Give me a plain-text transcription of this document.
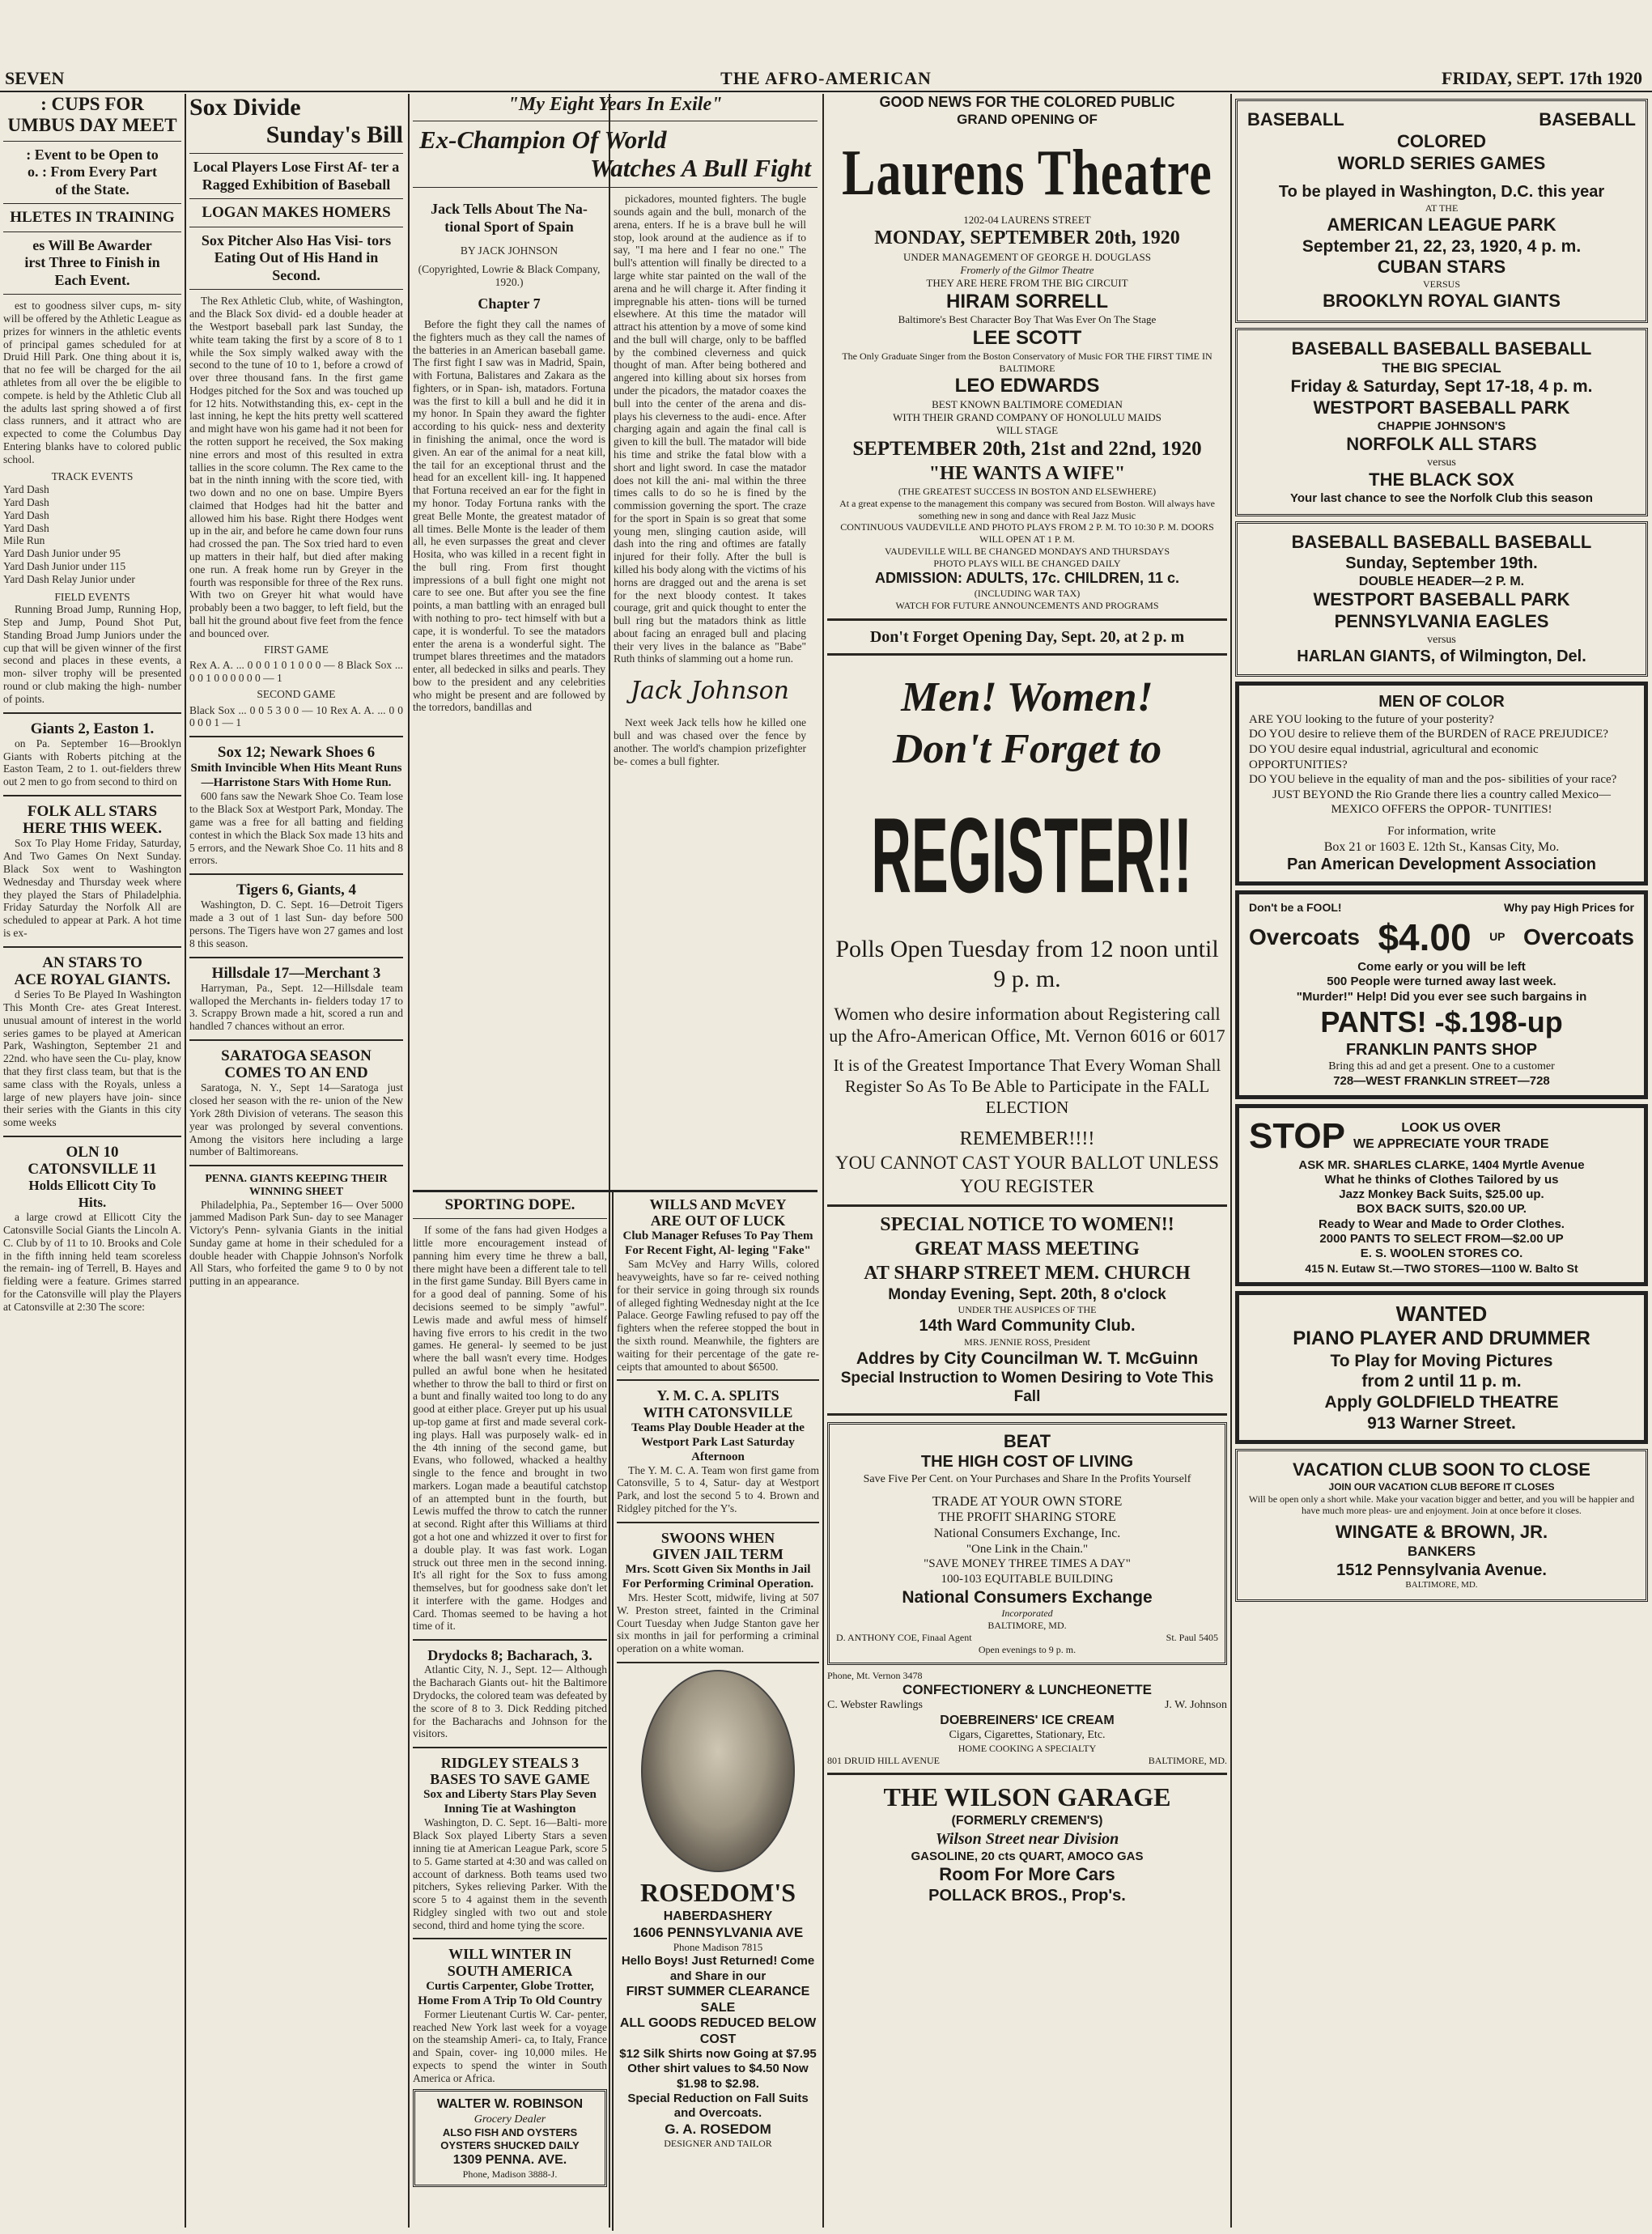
SEVEN	THE AFRO-AMERICAN	FRIDAY, SEPT. 17th 1920
: CUPS FOR
UMBUS DAY MEET
: Event to be Open to
o. : From Every Part
of the State.
HLETES IN TRAINING
es Will Be Awarder
irst Three to Finish in
Each Event.

est to goodness silver cups, m- sity will be offered by the Athletic League as prizes for winners in the athletic events of principal games scheduled for at Druid Hill Park. One thing about it is, that no fee will be charged for the ail athletes from all over the be eligible to compete. is held by the Athletic Club all the adults last spring showed a of first class runners, and it attract who are expected to come the Columbus Day Entering blanks have to colored public school.

TRACK EVENTS
Yard Dash
Yard Dash
Yard Dash
Yard Dash
Mile Run
Yard Dash Junior under 95
Yard Dash Junior under 115
Yard Dash Relay Junior under
FIELD EVENTS

Running Broad Jump, Running Hop, Step and Jump, Pound Shot Put, Standing Broad Jump Juniors under the cup that will be given winner of the first second and places in these events, a mon- silver trophy will be presented round or club making the high- number of points.

Giants 2, Easton 1.

on Pa. September 16—Brooklyn Giants with Roberts pitching at the Easton Team, 2 to 1. out-fielders threw out 2 men to go from second to third on

FOLK ALL STARS
HERE THIS WEEK.

Sox To Play Home Friday, Saturday, And Two Games On Next Sunday. Black Sox went to Washington Wednesday and Thursday week where they played the Stars of Philadelphia. Friday Saturday the Norfolk All are scheduled to appear at Park. A hot time is ex-

AN STARS TO
ACE ROYAL GIANTS.

d Series To Be Played In Washington This Month Cre- ates Great Interest. unusual amount of interest in the world series games to be played at American Park, Washington, September 21 and 22nd. who have seen the Cu- play, know that they first class team, but that is the same class with the Royals, unless a large of new players have join- since their series with the Giants in this city some weeks

OLN 10
CATONSVILLE 11
Holds Ellicott City To
Hits.

a large crowd at Ellicott City the Catonsville Social Giants the Lincoln A. C. Club by of 11 to 10. Brooks and Cole in the fifth inning held team scoreless the remain- ing of Terrell, B. Hayes and fielding were a feature. Grimes starred for the Catonsville will play the Players at Catonsville at 2:30 The score:

Sox Divide
Sunday's Bill
Local Players Lose First Af- ter a Ragged Exhibition of Baseball
LOGAN MAKES HOMERS
Sox Pitcher Also Has Visi- tors Eating Out of His Hand in Second.

The Rex Athletic Club, white, of Washington, and the Black Sox divid- ed a double header at the Westport baseball park last Sunday, the white team taking the first by a score of 8 to 1 while the Sox simply walked away with the second to the tune of 10 to 1, before a crowd of over three thousand fans. In the first game Hodges pitched for the Sox and was touched up for 12 hits. Notwithstanding this, ex- cept in the last inning, he kept the hits pretty well scattered and might have won his game had it not been for the rotten support he received, the Sox making nine errors and most of this resulted in extra tallies in the score column. The Rex came to the bat in the ninth inning with the score tied, with two down and no one on base. Umpire Byers claimed that Hodges had hit the batter and allowed him his base. Right there Hodges went up in the air, and before he came down four runs had crossed the pan. The Sox tried hard to even up matters in their half, but died after making one run. A freak home run by Greyer in the fourth was responsible for three of the Rex runs. With two on Greyer hit what would have probably been a two bagger, to left field, but the ball hit the ground about five feet from the fence and bounced over.

FIRST GAME
Rex A. A. ... 0 0 0 1 0 1 0 0 0 — 8 Black Sox ... 0 0 1 0 0 0 0 0 0 — 1
SECOND GAME
Black Sox ... 0 0 5 3 0 0 — 10 Rex A. A. ... 0 0 0 0 0 1 — 1
Sox 12; Newark Shoes 6
Smith Invincible When Hits Meant Runs—Harristone Stars With Home Run.

600 fans saw the Newark Shoe Co. Team lose to the Black Sox at Westport Park, Monday. The game was a free for all batting and fielding contest in which the Black Sox made 13 hits and 5 errors, and the Newark Shoe Co. 11 hits and 8 errors.

Tigers 6, Giants, 4

Washington, D. C. Sept. 16—Detroit Tigers made a 3 out of 1 last Sun- day before 500 persons. The Tigers have won 27 games and lost 8 this season.

Hillsdale 17—Merchant 3

Harryman, Pa., Sept. 12—Hillsdale team walloped the Merchants in- fielders today 17 to 3. Scrappy Brown made a hit, scored a run and handled 7 chances without an error.

SARATOGA SEASON
COMES TO AN END

Saratoga, N. Y., Sept 14—Saratoga just closed her season with the re- union of the New York 28th Division of veterans. The season this year was prolonged by several conventions. Among the visitors here including a large number of Baltimoreans.

PENNA. GIANTS KEEPING THEIR WINNING SHEET

Philadelphia, Pa., September 16— Over 5000 jammed Madison Park Sun- day to see Manager Victory's Penn- sylvania Giants in the initial Sunday game at home in their scheduled for a double header with Chappie Johnson's Norfolk All Stars, who forfeited the game 9 to 0 by not putting in an appearance.

"My Eight Years In Exile"
Ex-Champion Of World
Watches A Bull Fight
Jack Tells About The Na- tional Sport of Spain
BY JACK JOHNSON
(Copyrighted, Lowrie & Black Company, 1920.)
Chapter 7

Before the fight they call the names of the fighters much as they call the names of the batteries in an American baseball game. The first fight I saw was in Madrid, Spain, with Fortuna, Balistares and Zakara as the fighters, or in Span- ish, matadors. Fortuna was the first to kill a bull and he did it in my honor. In Spain they award the fighter according to his quick- ness and dexterity in finishing the animal, once the word is given. An ear of the animal for a neat kill, the tail for an exceptional thrust and the head for an excellent kill- ing. It happened that Fortuna received an ear for the fight in my honor. Today Fortuna ranks with the great Belle Monte, the greatest matador of all times. Belle Monte is the leader of them all, he even surpasses the great and clever Hosita, who was killed in a recent fight in the bull ring. From first thought impressions of a bull fight one might not care to see one. But after you see the fine points, a man battling with an enraged bull with nothing to pro- tect himself with but a cape, it is wonderful. To see the matadors enter the arena is a wonderful sight. The trumpet blares threetimes and the matadors enter, all bedecked in silks and pearls. They bow to the president and any celebrities who might be present and are followed by the torredors, bandillas and

pickadores, mounted fighters. The bugle sounds again and the bull, monarch of the arena, enters. If he is a brave bull he will stop, look around at the audience as if to say, "I ma here and I fear no one." The bull's attention will finally be directed to a large white star painted on the wall of the arena and he will charge it. After finding it impregnable his atten- tions will be turned elsewhere. At this time the matador will attract his attention by a move of some kind and the bull will charge, only to be baffled by the combined cleverness and quick thought of man. After being bothered and angered into killing about six horses from under the picadors, the matador coaxes the bull into the center of the arena and dis- plays his cleverness to the audi- ence. After charging again and again the final call is given to kill the bull. The matador will bide his time and strike the fatal blow with a short and light sword. In case the matador does not kill the ani- mal within the three times calls to do so he is fined by the commission governing the sport. The craze for the sport in Spain is so great that some young men, slinging caution aside, will dash into the ring and oftimes are fatally injured for their folly. After the bull is killed his body along with the victims of his horns are dragged out and the arena is set for the next bloody contest. It takes courage, grit and quick thought to enter the bull ring but the matadors think as little about facing an enraged bull and placing their very lives in the balance as "Babe" Ruth thinks of slamming out a home run.

Jack Johnson

Next week Jack tells how he killed one bull and was chased over the fence by another. The world's champion prizefighter be- comes a bull fighter.

SPORTING DOPE.

If some of the fans had given Hodges a little more encouragement instead of panning him every time he threw a ball, there might have been a different tale to tell in the first game Sunday. Bill Byers came in for a good deal of panning. Some of his decisions seemed to be simply "awful". Lewis made and awful mess of himself having five errors to his credit in the two games. He general- ly seemed to be just where the ball wasn't every time. Hodges pulled an awful bone when he hesitated whether to throw the ball to third or first on a bunt and finally waited too long to do any good at either place. Greyer put up his usual up-top game at first and made several cork- ing plays. Hall was purposely walk- ed in the 4th inning of the second game, but Evans, who followed, whacked a healthy single to the fence and brought in two markers. Logan made a beautiful catchstop of an attempted bunt in the fourth, but Lewis muffed the throw to catch the runner at second. Right after this Williams at third got a hot one and whizzed it over to first for a double play. It was fast work. Logan struck out three men in the second inning. It's all right for the Sox to fuss among themselves, but for goodness sake don't let it interfere with the game. Hodges and Card. Thomas seemed to be having a hot time of it.

Drydocks 8; Bacharach, 3.

Atlantic City, N. J., Sept. 12— Although the Bacharach Giants out- hit the Baltimore Drydocks, the colored team was defeated by the score of 8 to 3. Dick Redding pitched for the Bacharachs and Johnson for the visitors.

RIDGLEY STEALS 3
BASES TO SAVE GAME
Sox and Liberty Stars Play Seven Inning Tie at Washington

Washington, D. C. Sept. 16—Balti- more Black Sox played Liberty Stars a seven inning tie at American League Park, score 5 to 5. Game started at 4:30 and was called on account of darkness. Both teams used two pitchers, Sykes relieving Parker. With the score 5 to 4 against them in the seventh Ridgley singled with two out and stole second, third and home tying the score.

WILL WINTER IN
SOUTH AMERICA
Curtis Carpenter, Globe Trotter, Home From A Trip To Old Country

Former Lieutenant Curtis W. Car- penter, reached New York last week for a voyage on the steamship Ameri- ca, to Italy, France and Spain, cover- ing 10,000 miles. He expects to spend the winter in South America or Africa.

WALTER W. ROBINSON
Grocery Dealer
ALSO FISH AND OYSTERS
OYSTERS SHUCKED DAILY
1309 PENNA. AVE.
Phone, Madison 3888-J.
WILLS AND McVEY
ARE OUT OF LUCK
Club Manager Refuses To Pay Them For Recent Fight, Al- leging "Fake"

Sam McVey and Harry Wills, colored heavyweights, have so far re- ceived nothing for their service in going through six rounds of alleged fighting Wednesday night at the Ice Palace. George Fawling refused to pay off the fighters when the referee stopped the bout in the sixth round. Meanwhile, the fighters are waiting for their percentage of the gate re- ceipts that amounted to about $6500.

Y. M. C. A. SPLITS
WITH CATONSVILLE
Teams Play Double Header at the Westport Park Last Saturday Afternoon

The Y. M. C. A. Team won first game from Catonsville, 5 to 4, Satur- day at Westport Park, and lost the second 5 to 4. Brown and Ridgley pitched for the Y's.

SWOONS WHEN
GIVEN JAIL TERM
Mrs. Scott Given Six Months in Jail For Performing Criminal Operation.

Mrs. Hester Scott, midwife, living at 507 W. Preston street, fainted in the Criminal Court Tuesday when Judge Stanton gave her six months in jail for performing a criminal operation on a white woman.

ROSEDOM'S
HABERDASHERY
1606 PENNSYLVANIA AVE
Phone Madison 7815
Hello Boys! Just Returned! Come and Share in our
FIRST SUMMER CLEARANCE SALE
ALL GOODS REDUCED BELOW COST
$12 Silk Shirts now Going at $7.95
Other shirt values to $4.50 Now $1.98 to $2.98.
Special Reduction on Fall Suits and Overcoats.
G. A. ROSEDOM
DESIGNER AND TAILOR
GOOD NEWS FOR THE COLORED PUBLIC
GRAND OPENING OF
Laurens Theatre
1202-04 LAURENS STREET
MONDAY, SEPTEMBER 20th, 1920
UNDER MANAGEMENT OF GEORGE H. DOUGLASS
Fromerly of the Gilmor Theatre
THEY ARE HERE FROM THE BIG CIRCUIT
HIRAM SORRELL
Baltimore's Best Character Boy That Was Ever On The Stage
LEE SCOTT
The Only Graduate Singer from the Boston Conservatory of Music FOR THE FIRST TIME IN BALTIMORE
LEO EDWARDS
BEST KNOWN BALTIMORE COMEDIAN
WITH THEIR GRAND COMPANY OF HONOLULU MAIDS
WILL STAGE
SEPTEMBER 20th, 21st and 22nd, 1920
"HE WANTS A WIFE"
(THE GREATEST SUCCESS IN BOSTON AND ELSEWHERE)
At a great expense to the management this company was secured from Boston. Will always have something new in song and dance with Real Jazz Music
CONTINUOUS VAUDEVILLE AND PHOTO PLAYS FROM 2 P. M. TO 10:30 P. M. DOORS WILL OPEN AT 1 P. M.
VAUDEVILLE WILL BE CHANGED MONDAYS AND THURSDAYS
PHOTO PLAYS WILL BE CHANGED DAILY
ADMISSION: ADULTS, 17c. CHILDREN, 11 c.
(INCLUDING WAR TAX)
WATCH FOR FUTURE ANNOUNCEMENTS AND PROGRAMS
Don't Forget Opening Day, Sept. 20, at 2 p. m
Men! Women!
Don't Forget to
REGISTER!!
Polls Open Tuesday from 12 noon until 9 p. m.
Women who desire information about Registering call up the Afro-American Office, Mt. Vernon 6016 or 6017
It is of the Greatest Importance That Every Woman Shall Register So As To Be Able to Participate in the FALL ELECTION
REMEMBER!!!!
YOU CANNOT CAST YOUR BALLOT UNLESS YOU REGISTER
SPECIAL NOTICE TO WOMEN!!
GREAT MASS MEETING
AT SHARP STREET MEM. CHURCH
Monday Evening, Sept. 20th, 8 o'clock
UNDER THE AUSPICES OF THE
14th Ward Community Club.
MRS. JENNIE ROSS, President
Addres by City Councilman W. T. McGuinn
Special Instruction to Women Desiring to Vote This Fall
BEAT
THE HIGH COST OF LIVING
Save Five Per Cent. on Your Purchases and Share In the Profits Yourself
TRADE AT YOUR OWN STORE
THE PROFIT SHARING STORE
National Consumers Exchange, Inc.
"One Link in the Chain."
"SAVE MONEY THREE TIMES A DAY"
100-103 EQUITABLE BUILDING
National Consumers Exchange
Incorporated
BALTIMORE, MD.
D. ANTHONY COE, Finaal Agent	St. Paul 5405
Open evenings to 9 p. m.
Phone, Mt. Vernon 3478
CONFECTIONERY & LUNCHEONETTE
C. Webster Rawlings	J. W. Johnson
DOEBREINERS' ICE CREAM
Cigars, Cigarettes, Stationary, Etc.
HOME COOKING A SPECIALTY
801 DRUID HILL AVENUE	BALTIMORE, MD.
THE WILSON GARAGE
(FORMERLY CREMEN'S)
Wilson Street near Division
GASOLINE, 20 cts QUART, AMOCO GAS
Room For More Cars
POLLACK BROS., Prop's.
BASEBALL	BASEBALL
COLORED
WORLD SERIES GAMES
To be played in Washington, D.C. this year
AT THE
AMERICAN LEAGUE PARK
September 21, 22, 23, 1920, 4 p. m.
CUBAN STARS
VERSUS
BROOKLYN ROYAL GIANTS
BASEBALL BASEBALL BASEBALL
THE BIG SPECIAL
Friday & Saturday, Sept 17-18, 4 p. m.
WESTPORT BASEBALL PARK
CHAPPIE JOHNSON'S
NORFOLK ALL STARS
versus
THE BLACK SOX
Your last chance to see the Norfolk Club this season
BASEBALL BASEBALL BASEBALL
Sunday, September 19th.
DOUBLE HEADER—2 P. M.
WESTPORT BASEBALL PARK
PENNSYLVANIA EAGLES
versus
HARLAN GIANTS, of Wilmington, Del.
MEN OF COLOR
ARE YOU looking to the future of your posterity?
DO YOU desire to relieve them of the BURDEN of RACE PREJUDICE?
DO YOU desire equal industrial, agricultural and economic OPPORTUNITIES?
DO YOU believe in the equality of man and the pos- sibilities of your race?
JUST BEYOND the Rio Grande there lies a country called Mexico—MEXICO OFFERS the OPPOR- TUNITIES!
For information, write
Box 21 or 1603 E. 12th St., Kansas City, Mo.
Pan American Development Association
Don't be a FOOL!	Why pay High Prices for
Overcoats $4.00 UP Overcoats
Come early or you will be left
500 People were turned away last week.
"Murder!" Help! Did you ever see such bargains in
PANTS! -$.198-up
FRANKLIN PANTS SHOP
Bring this ad and get a present. One to a customer
728—WEST FRANKLIN STREET—728
STOP	LOOK US OVER
WE APPRECIATE YOUR TRADE
ASK MR. SHARLES CLARKE, 1404 Myrtle Avenue
What he thinks of Clothes Tailored by us
Jazz Monkey Back Suits, $25.00 up.
BOX BACK SUITS, $20.00 UP.
Ready to Wear and Made to Order Clothes.
2000 PANTS TO SELECT FROM—$2.00 UP
E. S. WOOLEN STORES CO.
415 N. Eutaw St.—TWO STORES—1100 W. Balto St
WANTED
PIANO PLAYER AND DRUMMER
To Play for Moving Pictures
from 2 until 11 p. m.
Apply GOLDFIELD THEATRE
913 Warner Street.
VACATION CLUB SOON TO CLOSE
JOIN OUR VACATION CLUB BEFORE IT CLOSES
Will be open only a short while. Make your vacation bigger and better, and you will be happier and have much more pleas- ure and enjoyment. Join at once before it closes.
WINGATE & BROWN, JR.
BANKERS
1512 Pennsylvania Avenue.
BALTIMORE, MD.
